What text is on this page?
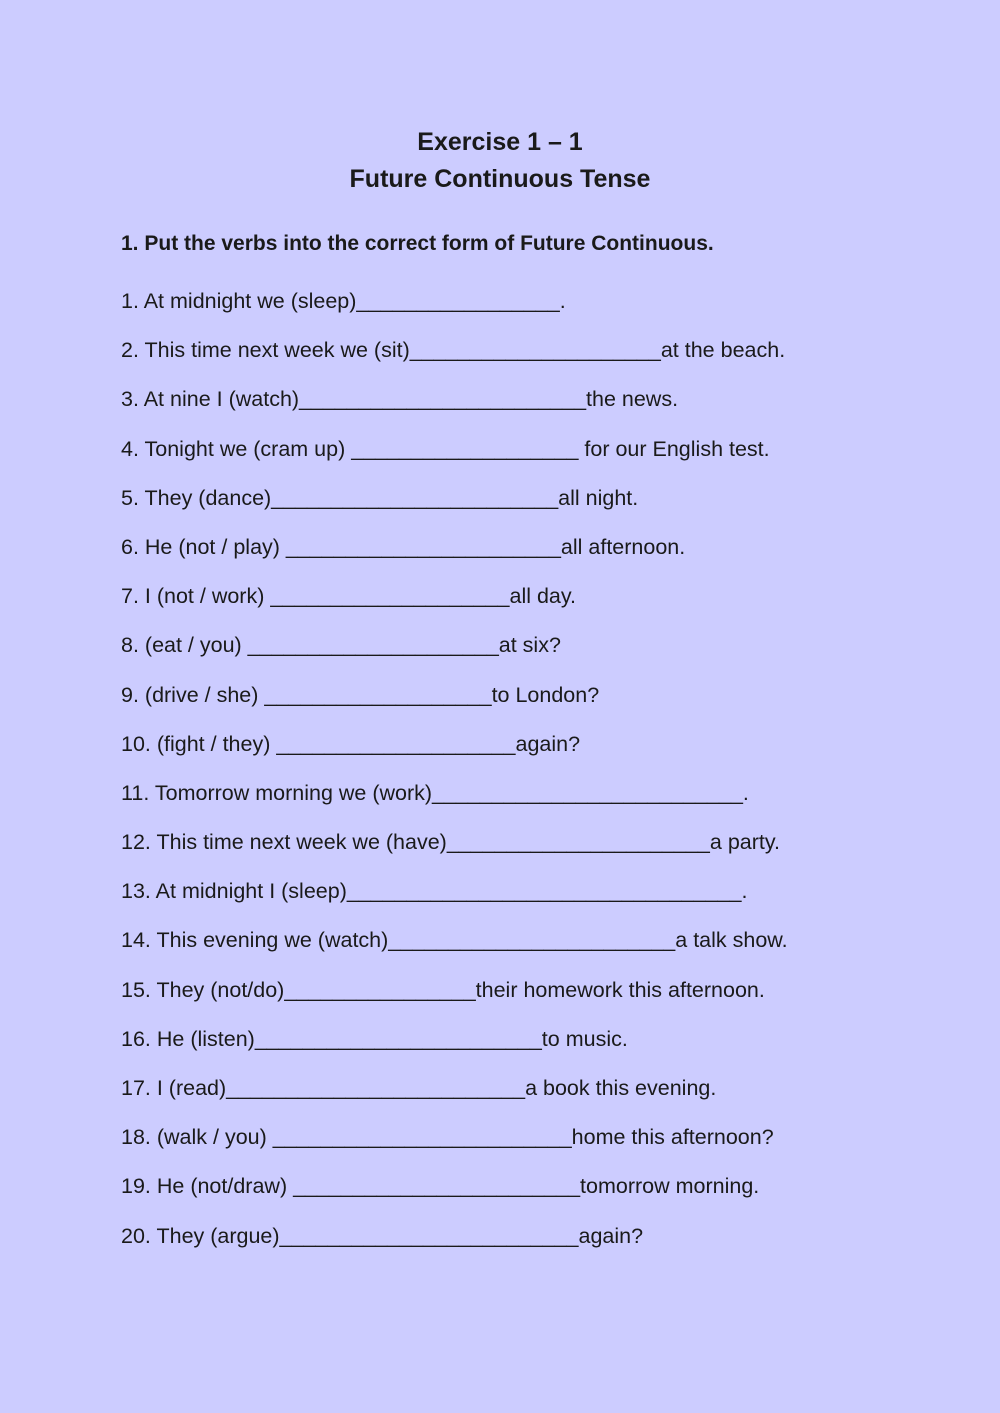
Exercise 1 – 1
Future Continuous Tense
1. Put the verbs into the correct form of Future Continuous.
1. At midnight we (sleep)_________________.
2. This time next week we (sit)_____________________at the beach.
3. At nine I (watch)________________________the news.
4. Tonight we (cram up) ___________________ for our English test.
5. They (dance)________________________all night.
6. He (not / play) _______________________all afternoon.
7. I (not / work) ____________________all day.
8. (eat / you) _____________________at six?
9. (drive / she) ___________________to London?
10. (fight / they) ____________________again?
11. Tomorrow morning we (work)__________________________.
12. This time next week we (have)______________________a party.
13. At midnight I (sleep)_________________________________.
14. This evening we (watch)________________________a talk show.
15. They (not/do)________________their homework this afternoon.
16. He (listen)________________________to music.
17. I (read)_________________________a book this evening.
18. (walk / you) _________________________home this afternoon?
19. He (not/draw) ________________________tomorrow morning.
20. They (argue)_________________________again?
